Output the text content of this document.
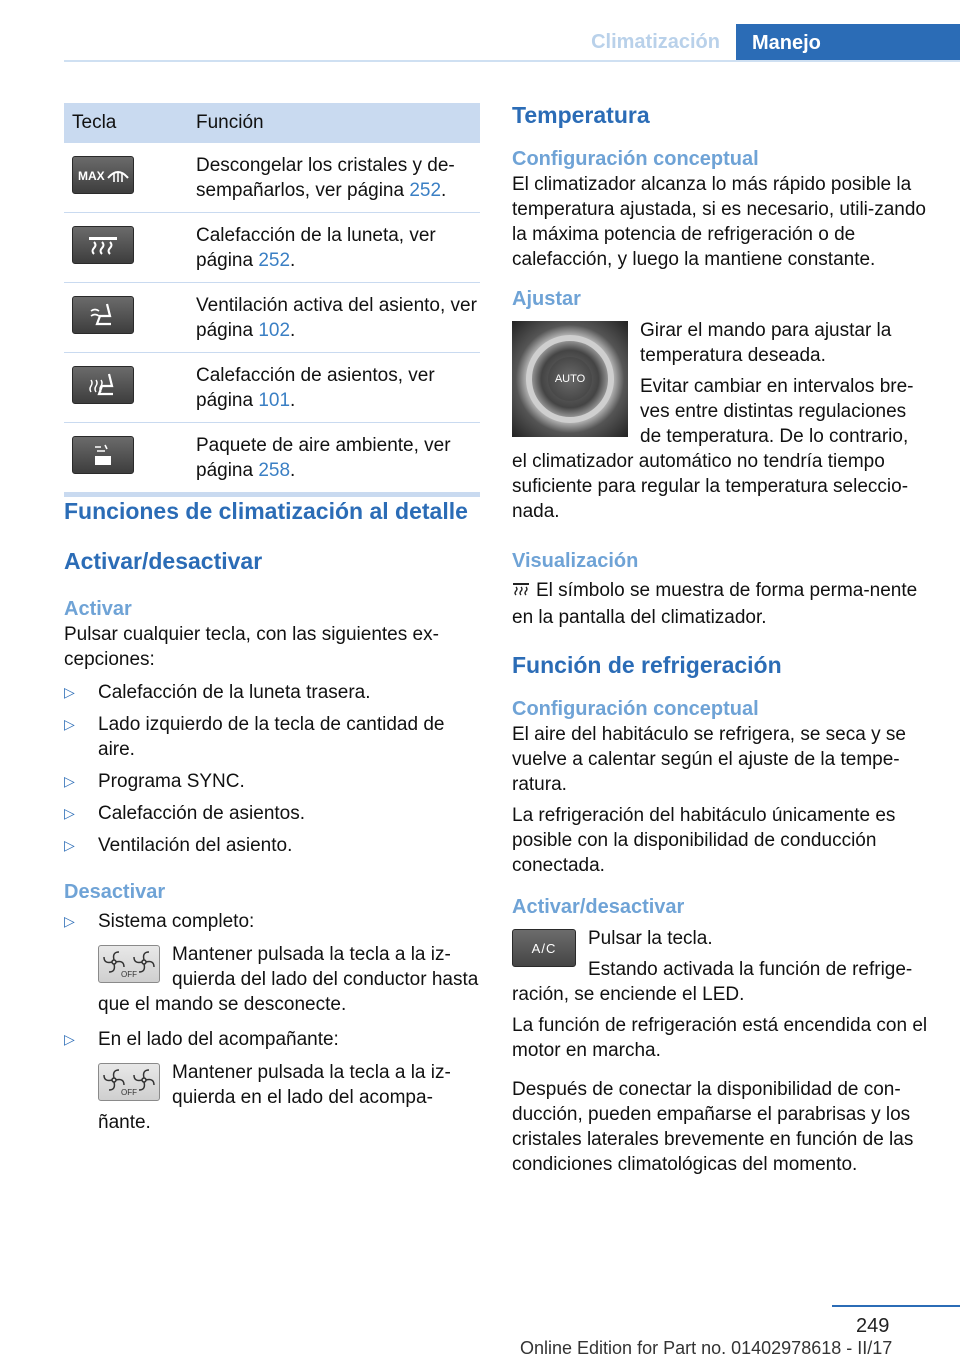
Climatización	Manejo
Tecla	Función
MAX	Descongelar los cristales y de-sempañarlos, ver página 252.
Calefacción de la luneta, ver página 252.
Ventilación activa del asiento, ver página 102.
Calefacción de asientos, ver página 101.
Paquete de aire ambiente, ver página 258.
Funciones de climatización al detalle
Activar/desactivar
Activar

Pulsar cualquier tecla, con las siguientes ex-cepciones:

▷ Calefacción de la luneta trasera.
▷ Lado izquierdo de la tecla de cantidad de aire.
▷ Programa SYNC.
▷ Calefacción de asientos.
▷ Ventilación del asiento.
Desactivar
▷ Sistema completo:
OFF
Mantener pulsada la tecla a la iz-quierda del lado del conductor hasta que el mando se desconecte.
▷ En el lado del acompañante:
OFF
Mantener pulsada la tecla a la iz-quierda en el lado del acompa-ñante.
Temperatura
Configuración conceptual

El climatizador alcanza lo más rápido posible la temperatura ajustada, si es necesario, utili-zando la máxima potencia de refrigeración o de calefacción, y luego la mantiene constante.

Ajustar
AUTO

Girar el mando para ajustar la temperatura deseada.

Evitar cambiar en intervalos bre-ves entre distintas regulaciones de temperatura. De lo contrario, el climatizador automático no tendría tiempo suficiente para regular la temperatura seleccio-nada.

Visualización

El símbolo se muestra de forma perma-nente en la pantalla del climatizador.

Función de refrigeración
Configuración conceptual

El aire del habitáculo se refrigera, se seca y se vuelve a calentar según el ajuste de la tempe-ratura.

La refrigeración del habitáculo únicamente es posible con la disponibilidad de conducción conectada.

Activar/desactivar
A/C	Pulsar la tecla.

Estando activada la función de refrige-ración, se enciende el LED.

La función de refrigeración está encendida con el motor en marcha.

Después de conectar la disponibilidad de con-ducción, pueden empañarse el parabrisas y los cristales laterales brevemente en función de las condiciones climatológicas del momento.

249
Online Edition for Part no. 01402978618 - II/17
